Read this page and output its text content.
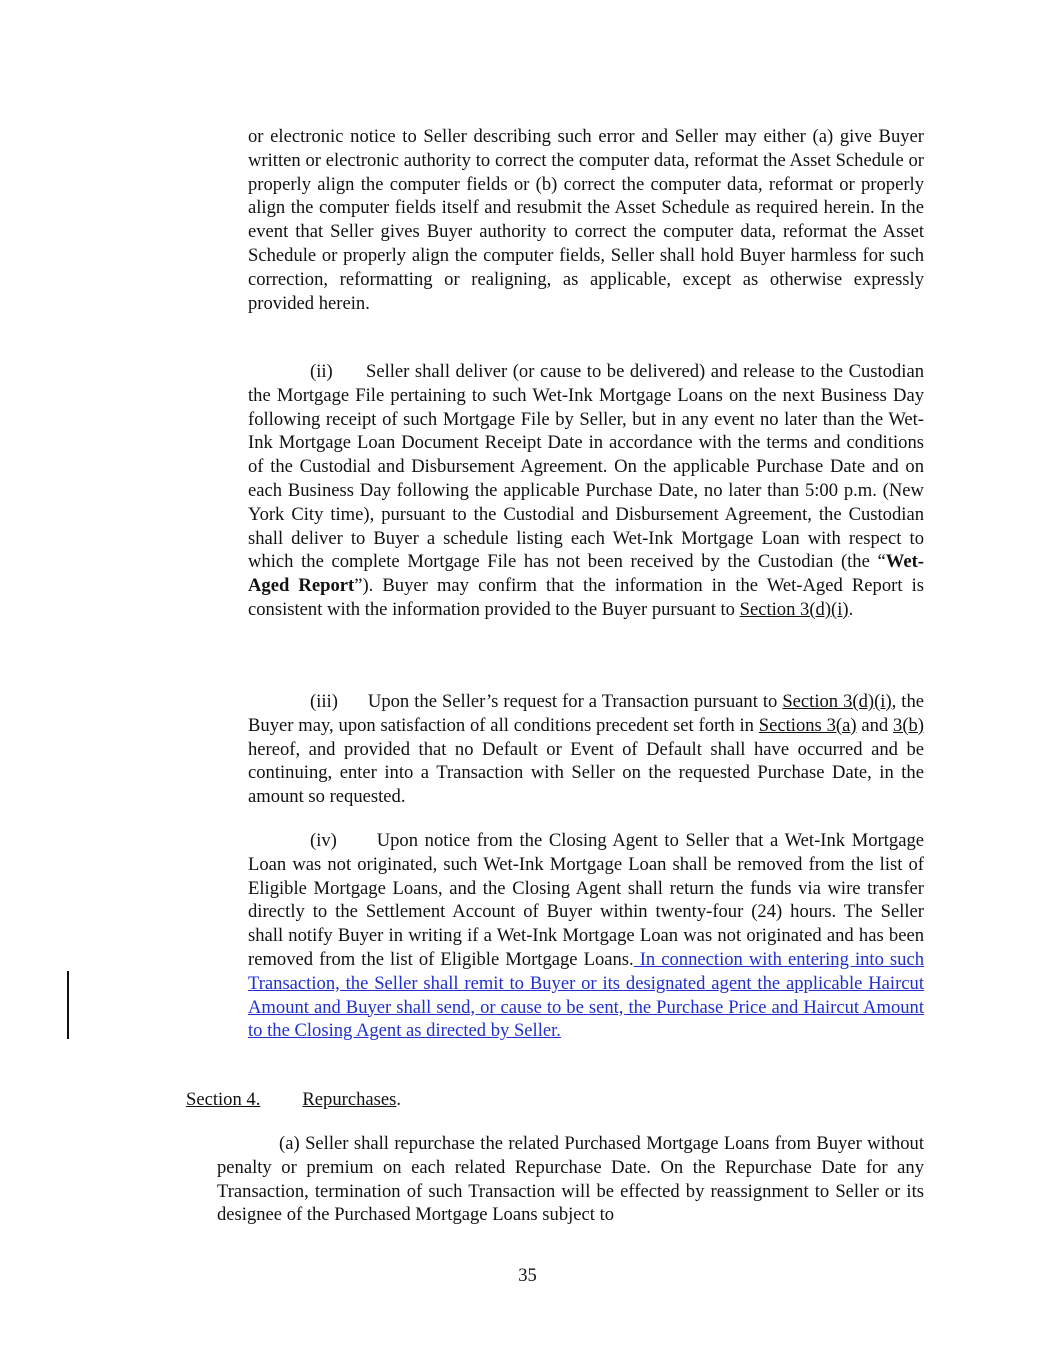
or electronic notice to Seller describing such error and Seller may either (a) give Buyer written or electronic authority to correct the computer data, reformat the Asset Schedule or properly align the computer fields or (b) correct the computer data, reformat or properly align the computer fields itself and resubmit the Asset Schedule as required herein. In the event that Seller gives Buyer authority to correct the computer data, reformat the Asset Schedule or properly align the computer fields, Seller shall hold Buyer harmless for such correction, reformatting or realigning, as applicable, except as otherwise expressly provided herein.

(ii) Seller shall deliver (or cause to be delivered) and release to the Custodian the Mortgage File pertaining to such Wet-Ink Mortgage Loans on the next Business Day following receipt of such Mortgage File by Seller, but in any event no later than the Wet-Ink Mortgage Loan Document Receipt Date in accordance with the terms and conditions of the Custodial and Disbursement Agreement. On the applicable Purchase Date and on each Business Day following the applicable Purchase Date, no later than 5:00 p.m. (New York City time), pursuant to the Custodial and Disbursement Agreement, the Custodian shall deliver to Buyer a schedule listing each Wet-Ink Mortgage Loan with respect to which the complete Mortgage File has not been received by the Custodian (the “Wet-Aged Report”). Buyer may confirm that the information in the Wet-Aged Report is consistent with the information provided to the Buyer pursuant to Section 3(d)(i).

(iii) Upon the Seller’s request for a Transaction pursuant to Section 3(d)(i), the Buyer may, upon satisfaction of all conditions precedent set forth in Sections 3(a) and 3(b) hereof, and provided that no Default or Event of Default shall have occurred and be continuing, enter into a Transaction with Seller on the requested Purchase Date, in the amount so requested.

(iv) Upon notice from the Closing Agent to Seller that a Wet-Ink Mortgage Loan was not originated, such Wet-Ink Mortgage Loan shall be removed from the list of Eligible Mortgage Loans, and the Closing Agent shall return the funds via wire transfer directly to the Settlement Account of Buyer within twenty-four (24) hours. The Seller shall notify Buyer in writing if a Wet-Ink Mortgage Loan was not originated and has been removed from the list of Eligible Mortgage Loans. In connection with entering into such Transaction, the Seller shall remit to Buyer or its designated agent the applicable Haircut Amount and Buyer shall send, or cause to be sent, the Purchase Price and Haircut Amount to the Closing Agent as directed by Seller.

Section 4. Repurchases.

(a) Seller shall repurchase the related Purchased Mortgage Loans from Buyer without penalty or premium on each related Repurchase Date. On the Repurchase Date for any Transaction, termination of such Transaction will be effected by reassignment to Seller or its designee of the Purchased Mortgage Loans subject to

35
